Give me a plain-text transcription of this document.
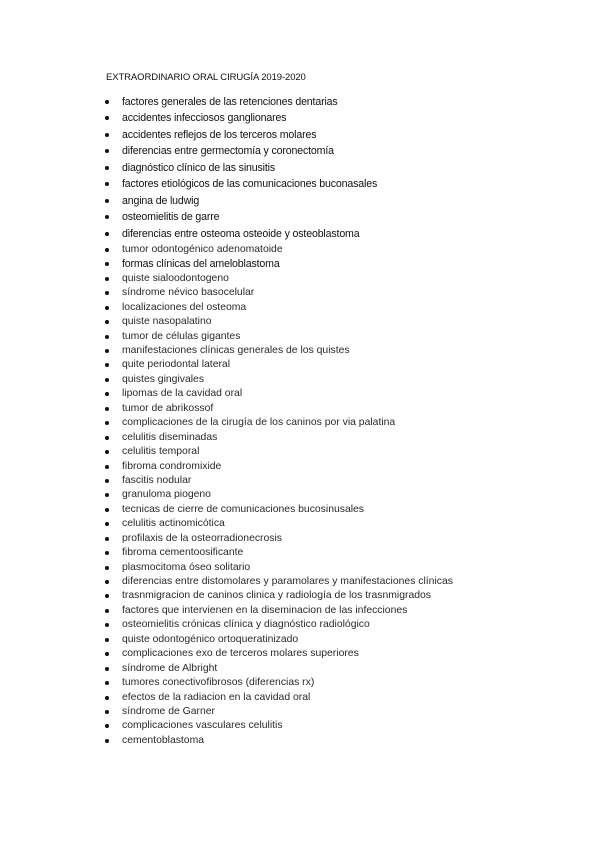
EXTRAORDINARIO ORAL CIRUGÍA 2019-2020
factores generales de las retenciones dentarias
accidentes infecciosos ganglionares
accidentes reflejos de los terceros molares
diferencias entre germectomía y coronectomía
diagnóstico clínico de las sinusitis
factores etiológicos de las comunicaciones buconasales
angina de ludwig
osteomielitis de garre
diferencias entre osteoma osteoide y osteoblastoma
tumor odontogénico adenomatoide
formas clínicas del ameloblastoma
quiste sialoodontogeno
síndrome névico basocelular
localizaciones del osteoma
quiste nasopalatino
tumor de células gigantes
manifestaciones clínicas generales de los quistes
quite periodontal lateral
quistes gingivales
lipomas de la cavidad oral
tumor de abrikossof
complicaciones de la cirugía de los caninos por via palatina
celulitis diseminadas
celulitis temporal
fibroma condromixide
fascitis nodular
granuloma piogeno
tecnicas de cierre de comunicaciones bucosinusales
celulitis actinomicótica
profilaxis de la osteorradionecrosis
fibroma cementoosificante
plasmocitoma óseo solitario
diferencias entre distomolares y paramolares y manifestaciones clínicas
trasnmigracion de caninos clinica y radiología de los trasnmigrados
factores que intervienen en la diseminacion de las infecciones
osteomielitis crónicas clínica y diagnóstico radiológico
quiste odontogénico ortoqueratinizado
complicaciones exo de terceros molares superiores
síndrome de Albright
tumores conectivofibrosos (diferencias rx)
efectos de la radiacion en la cavidad oral
síndrome de Garner
complicaciones vasculares celulitis
cementoblastoma
